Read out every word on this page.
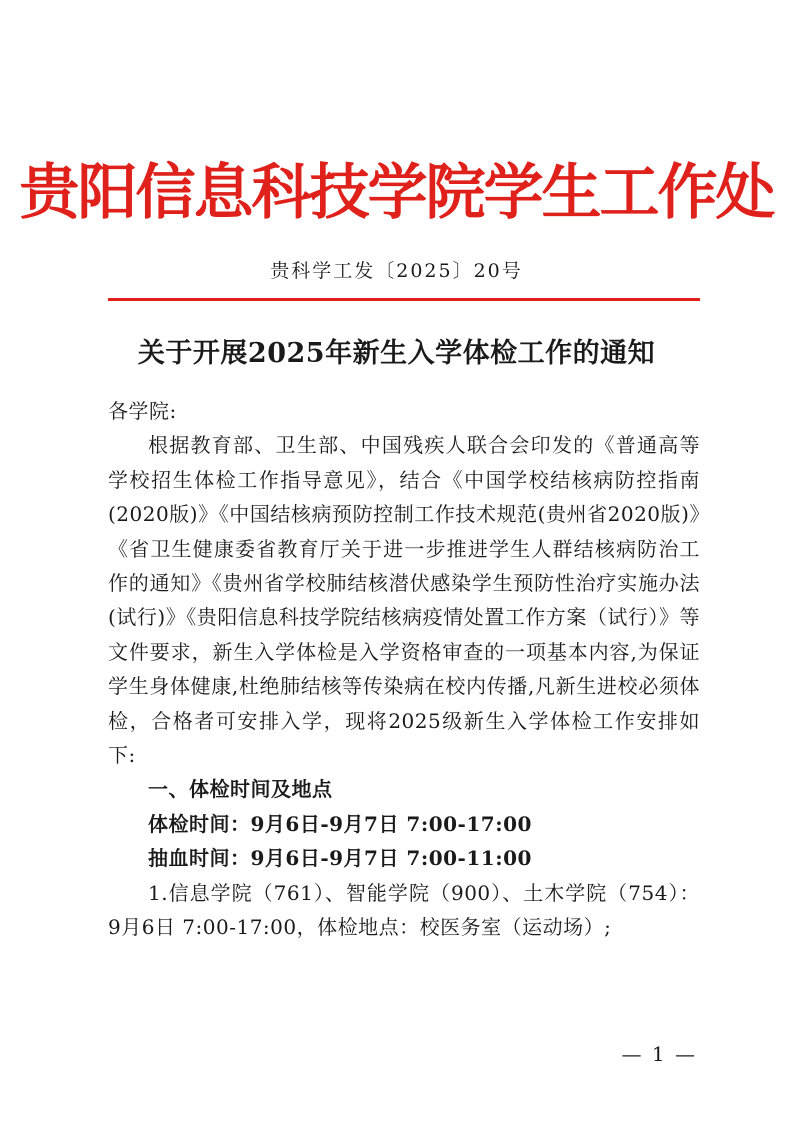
贵阳信息科技学院学生工作处
贵科学工发〔2025〕20号
关于开展2025年新生入学体检工作的通知

各学院:

根据教育部、卫生部、中国残疾人联合会印发的《普通高等学校招生体检工作指导意见》，结合《中国学校结核病防控指南(2020版)》《中国结核病预防控制工作技术规范(贵州省2020版)》《省卫生健康委省教育厅关于进一步推进学生人群结核病防治工作的通知》《贵州省学校肺结核潜伏感染学生预防性治疗实施办法(试行)》《贵阳信息科技学院结核病疫情处置工作方案（试行）》等文件要求，新生入学体检是入学资格审查的一项基本内容,为保证学生身体健康,杜绝肺结核等传染病在校内传播,凡新生进校必须体检，合格者可安排入学，现将2025级新生入学体检工作安排如下:

一、体检时间及地点

体检时间：9月6日-9月7日 7:00-17:00

抽血时间：9月6日-9月7日 7:00-11:00

1.信息学院（761）、智能学院（900）、土木学院（754）：9月6日 7:00-17:00，体检地点：校医务室（运动场）;

— 1 —
